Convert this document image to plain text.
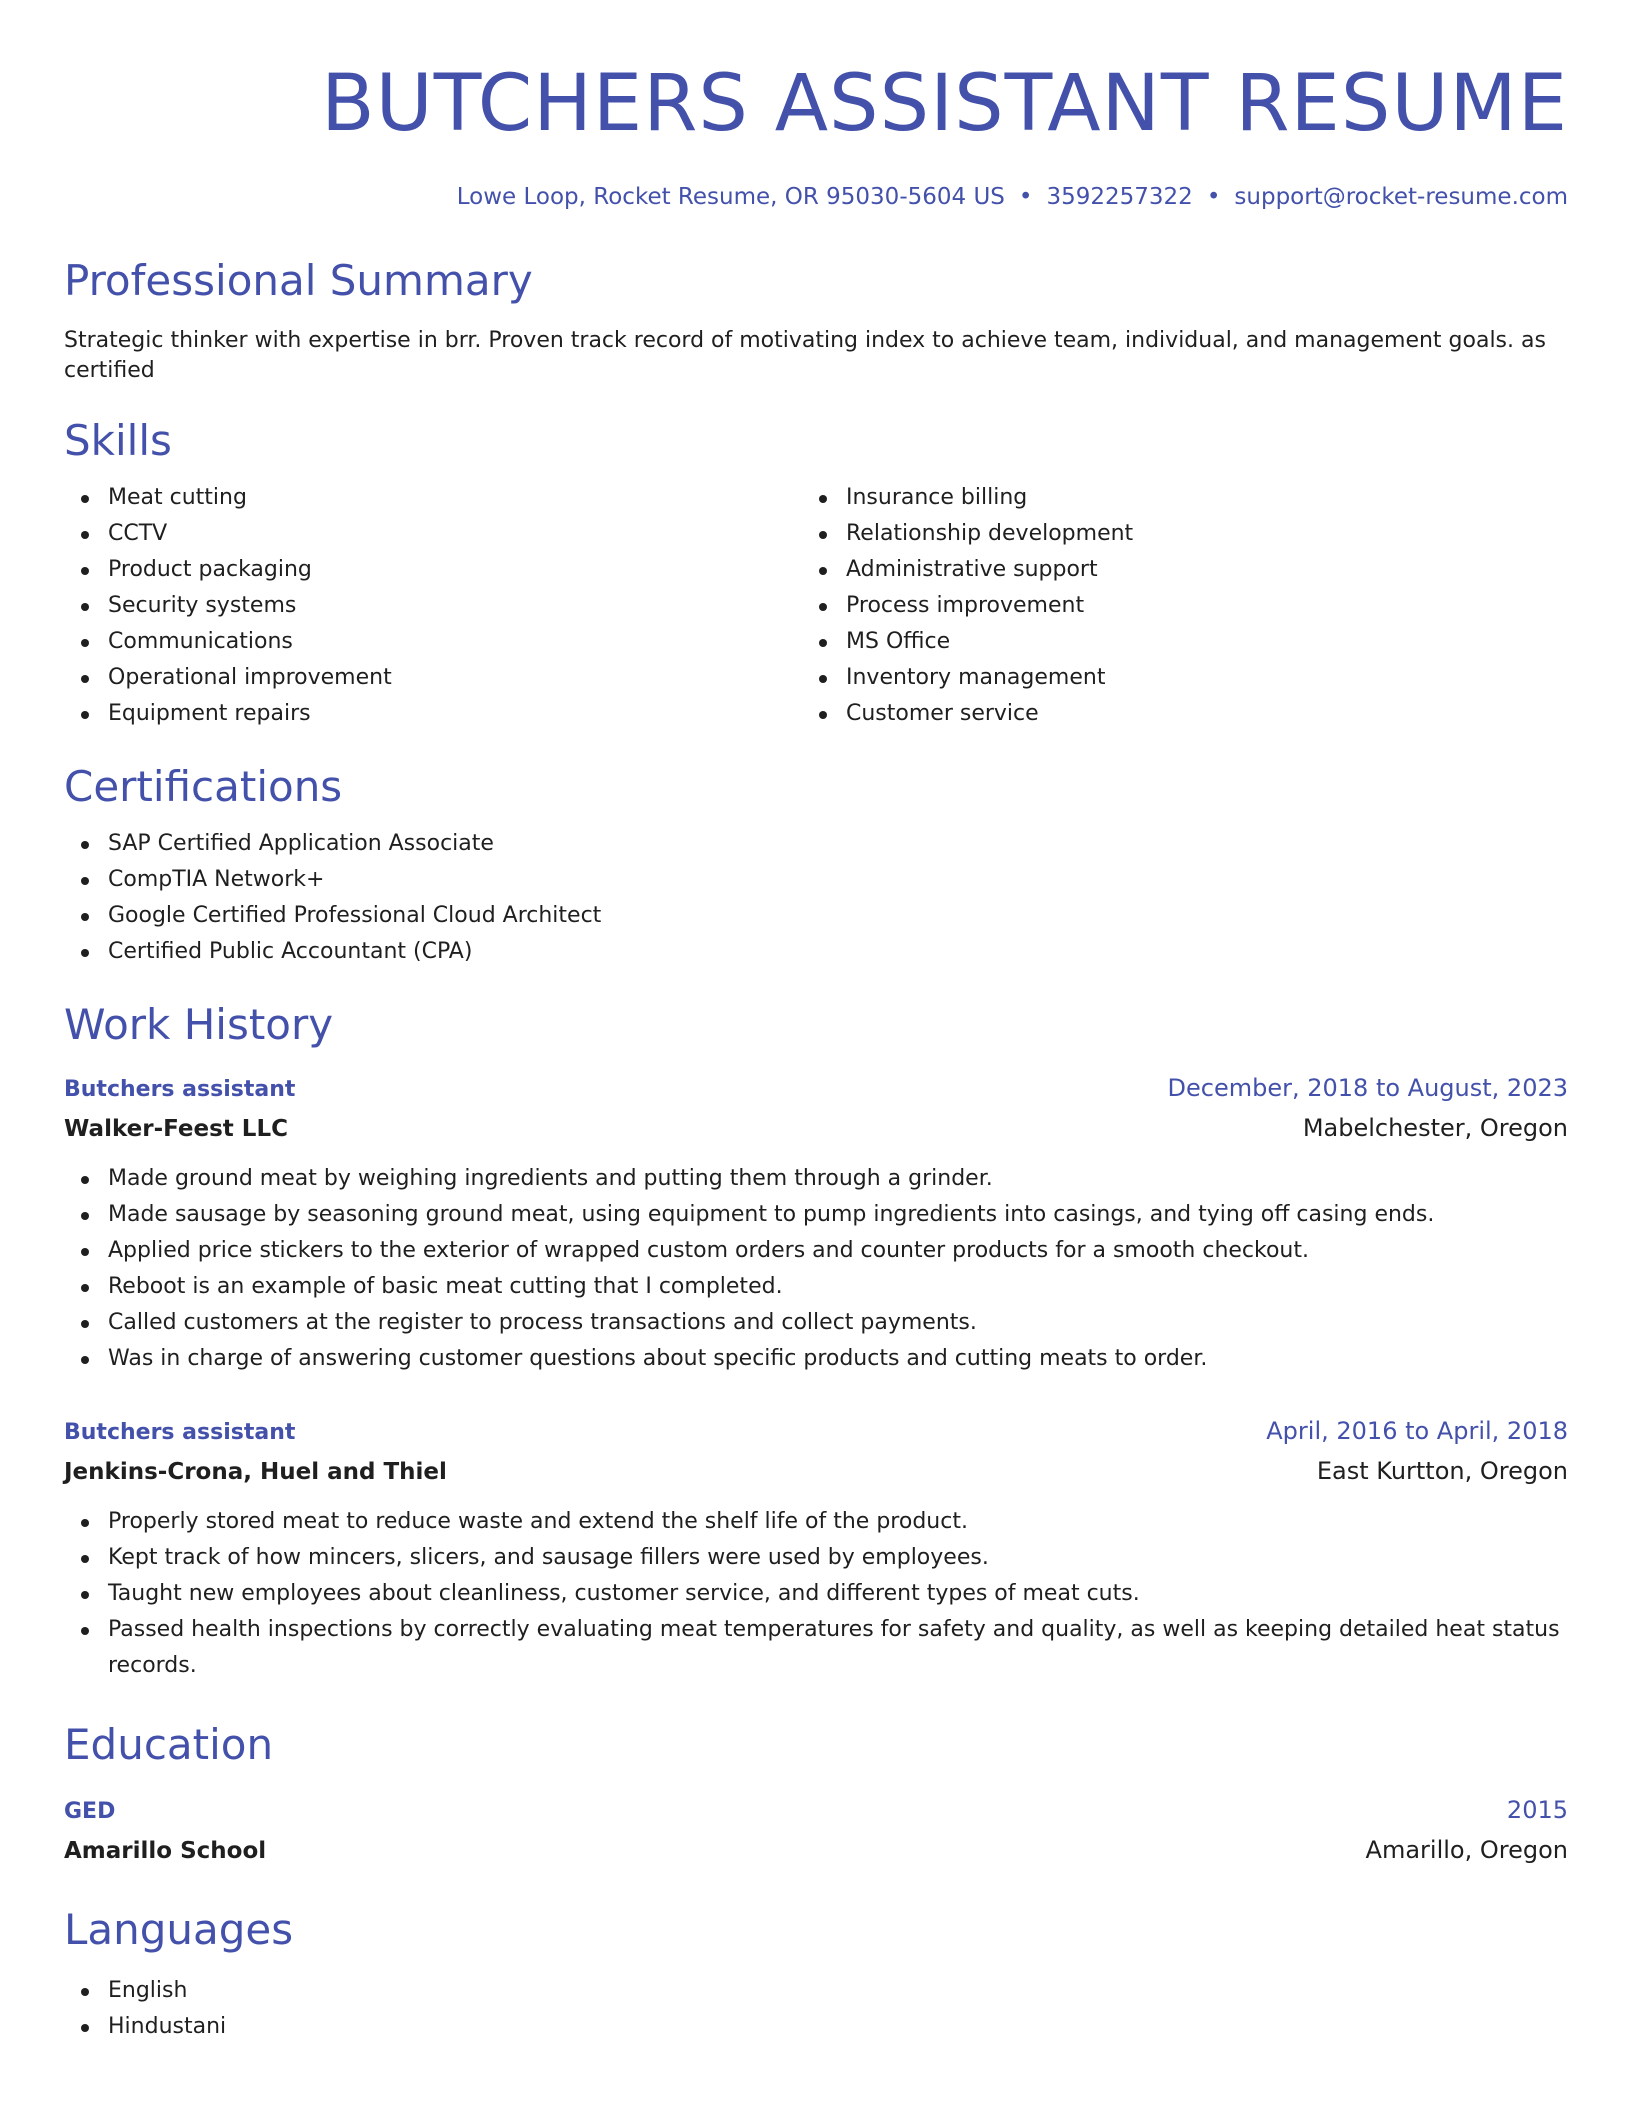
BUTCHERS ASSISTANT RESUME
Lowe Loop, Rocket Resume, OR 95030-5604 US • 3592257322 • support@rocket-resume.com
Professional Summary

Strategic thinker with expertise in brr. Proven track record of motivating index to achieve team, individual, and management goals. as certified

Skills
Meat cutting
CCTV
Product packaging
Security systems
Communications
Operational improvement
Equipment repairs
Insurance billing
Relationship development
Administrative support
Process improvement
MS Office
Inventory management
Customer service
Certifications
SAP Certified Application Associate
CompTIA Network+
Google Certified Professional Cloud Architect
Certified Public Accountant (CPA)
Work History
Butchers assistant	December, 2018 to August, 2023
Walker-Feest LLC	Mabelchester, Oregon
Made ground meat by weighing ingredients and putting them through a grinder.
Made sausage by seasoning ground meat, using equipment to pump ingredients into casings, and tying off casing ends.
Applied price stickers to the exterior of wrapped custom orders and counter products for a smooth checkout.
Reboot is an example of basic meat cutting that I completed.
Called customers at the register to process transactions and collect payments.
Was in charge of answering customer questions about specific products and cutting meats to order.
Butchers assistant	April, 2016 to April, 2018
Jenkins-Crona, Huel and Thiel	East Kurtton, Oregon
Properly stored meat to reduce waste and extend the shelf life of the product.
Kept track of how mincers, slicers, and sausage fillers were used by employees.
Taught new employees about cleanliness, customer service, and different types of meat cuts.
Passed health inspections by correctly evaluating meat temperatures for safety and quality, as well as keeping detailed heat status records.
Education
GED	2015
Amarillo School	Amarillo, Oregon
Languages
English
Hindustani
